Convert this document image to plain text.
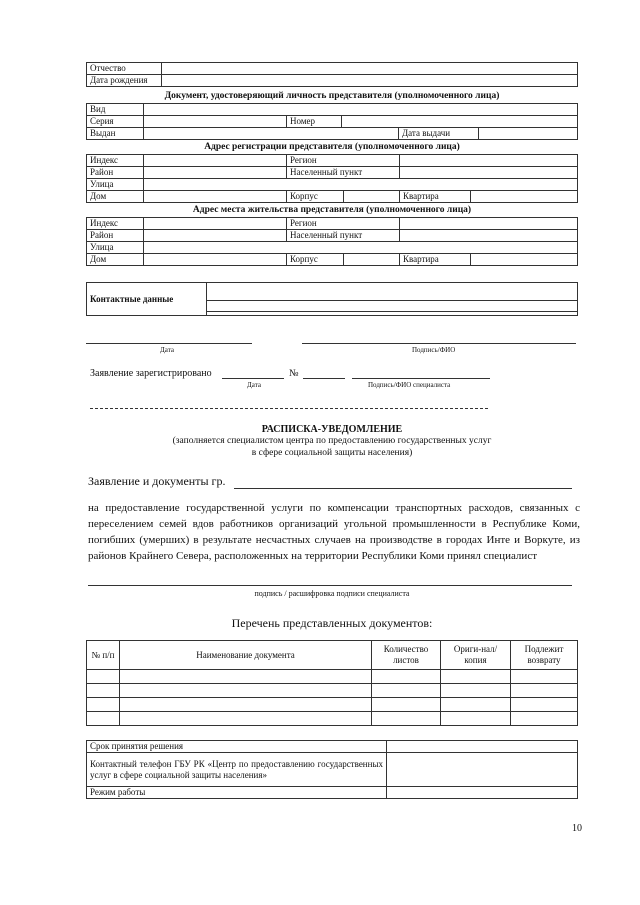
Отчество	
Дата рождения	
Документ, удостоверяющий личность представителя (уполномоченного лица)
Вид					
Серия		Номер			
Выдан				Дата выдачи	
Адрес регистрации представителя (уполномоченного лица)
Индекс		Регион			
Район		Населенный пункт			
Улица					
Дом		Корпус		Квартира	
Адрес места жительства представителя (уполномоченного лица)
Индекс		Регион			
Район		Населенный пункт			
Улица					
Дом		Корпус		Квартира	
Контактные данные	
Дата	Подпись/ФИО
Заявление зарегистрировано	№
Дата	Подпись/ФИО специалиста
РАСПИСКА-УВЕДОМЛЕНИЕ
(заполняется специалистом центра по предоставлению государственных услуг
в сфере социальной защиты населения)
Заявление и документы гр.
на предоставление государственной услуги по компенсации транспортных расходов, связанных с переселением семей вдов работников организаций угольной промышленности в Республике Коми, погибших (умерших) в результате несчастных случаев на производстве в городах Инте и Воркуте, из районов Крайнего Севера, расположенных на территории Республики Коми принял специалист
подпись / расшифровка подписи специалиста
Перечень представленных документов:
№ п/п	Наименование документа	Количество листов	Ориги-нал/копия	Подлежит возврату

Срок принятия решения	
Контактный телефон ГБУ РК «Центр по предоставлению государственных услуг в сфере социальной защиты населения»	
Режим работы	
10
